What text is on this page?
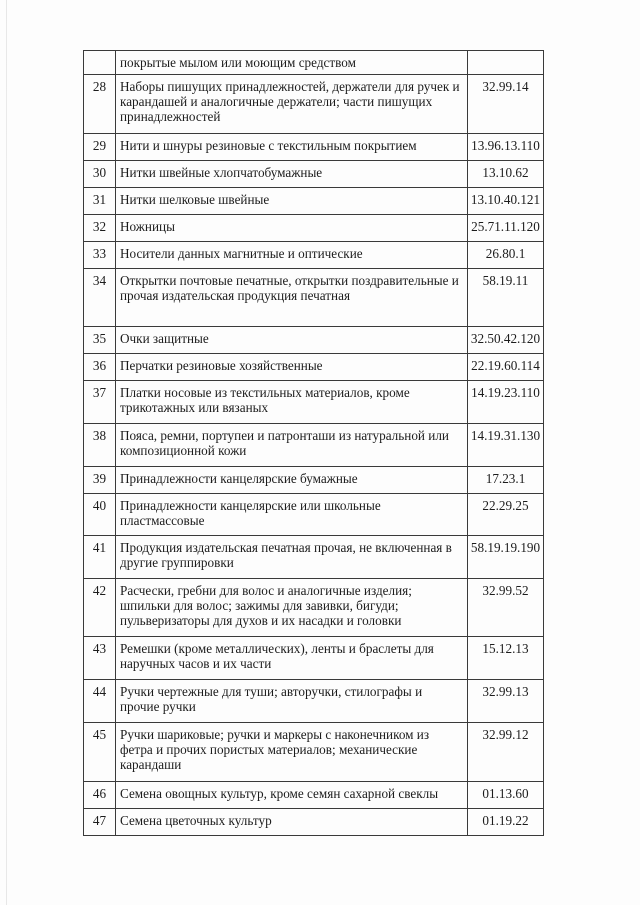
	покрытые мылом или моющим средством	
28	Наборы пишущих принадлежностей, держатели для ручек и карандашей и аналогичные держатели; части пишущих принадлежностей	32.99.14
29	Нити и шнуры резиновые с текстильным покрытием	13.96.13.110
30	Нитки швейные хлопчатобумажные	13.10.62
31	Нитки шелковые швейные	13.10.40.121
32	Ножницы	25.71.11.120
33	Носители данных магнитные и оптические	26.80.1
34	Открытки почтовые печатные, открытки поздравительные и прочая издательская продукция печатная	58.19.11
35	Очки защитные	32.50.42.120
36	Перчатки резиновые хозяйственные	22.19.60.114
37	Платки носовые из текстильных материалов, кроме трикотажных или вязаных	14.19.23.110
38	Пояса, ремни, портупеи и патронташи из натуральной или композиционной кожи	14.19.31.130
39	Принадлежности канцелярские бумажные	17.23.1
40	Принадлежности канцелярские или школьные пластмассовые	22.29.25
41	Продукция издательская печатная прочая, не включенная в другие группировки	58.19.19.190
42	Расчески, гребни для волос и аналогичные изделия; шпильки для волос; зажимы для завивки, бигуди; пульверизаторы для духов и их насадки и головки	32.99.52
43	Ремешки (кроме металлических), ленты и браслеты для наручных часов и их части	15.12.13
44	Ручки чертежные для туши; авторучки, стилографы и прочие ручки	32.99.13
45	Ручки шариковые; ручки и маркеры с наконечником из фетра и прочих пористых материалов; механические карандаши	32.99.12
46	Семена овощных культур, кроме семян сахарной свеклы	01.13.60
47	Семена цветочных культур	01.19.22
